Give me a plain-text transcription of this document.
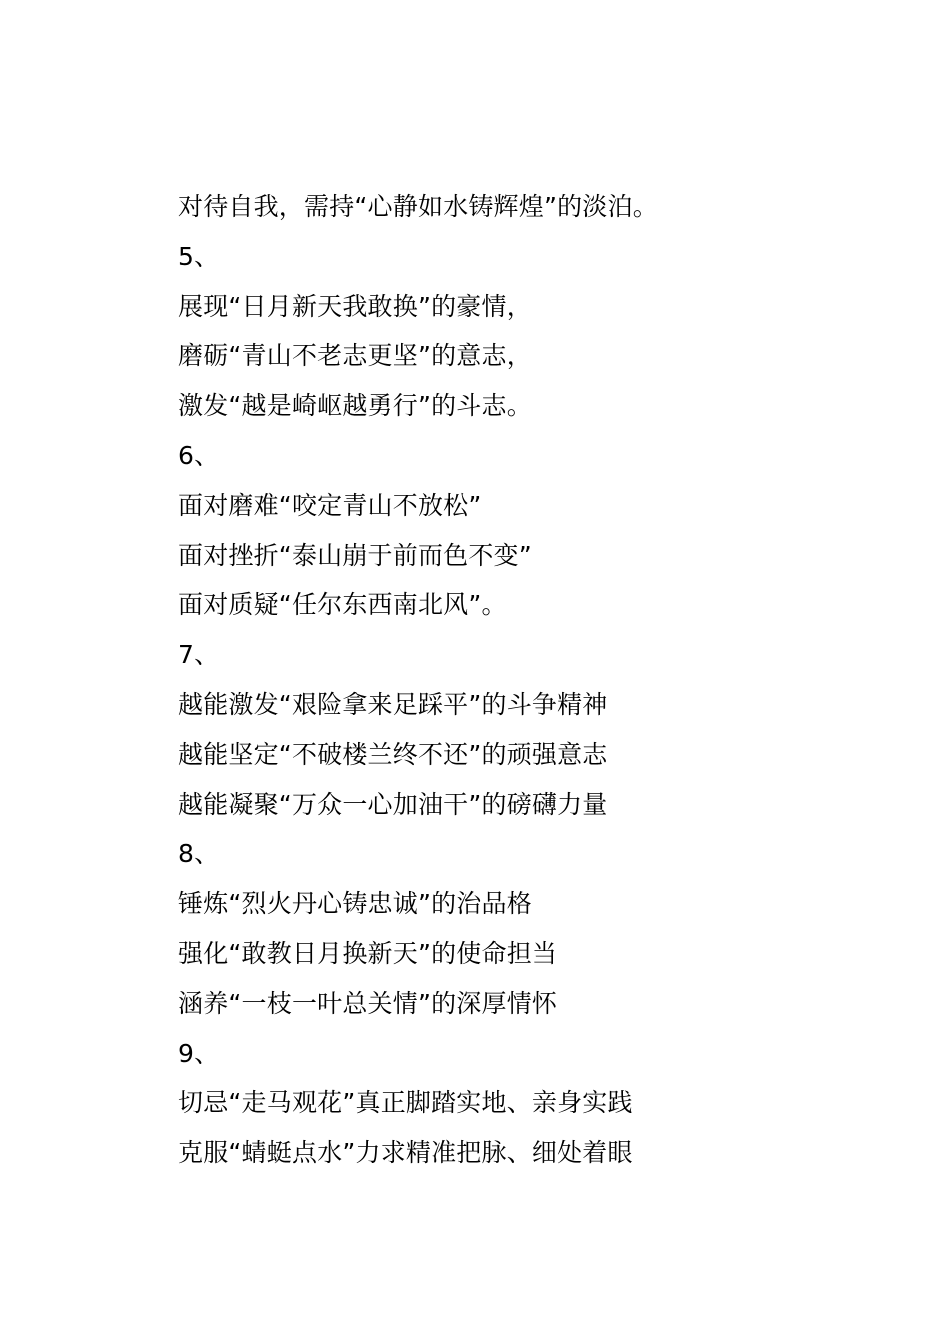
对待自我，需持“心静如水铸辉煌”的淡泊。
5、
展现“日月新天我敢换”的豪情，
磨砺“青山不老志更坚”的意志，
激发“越是崎岖越勇行”的斗志。
6、
面对磨难“咬定青山不放松”
面对挫折“泰山崩于前而色不变”
面对质疑“任尔东西南北风”。
7、
越能激发“艰险拿来足踩平”的斗争精神
越能坚定“不破楼兰终不还”的顽强意志
越能凝聚“万众一心加油干”的磅礴力量
8、
锤炼“烈火丹心铸忠诚”的治品格
强化“敢教日月换新天”的使命担当
涵养“一枝一叶总关情”的深厚情怀
9、
切忌“走马观花”真正脚踏实地、亲身实践
克服“蜻蜓点水”力求精准把脉、细处着眼
